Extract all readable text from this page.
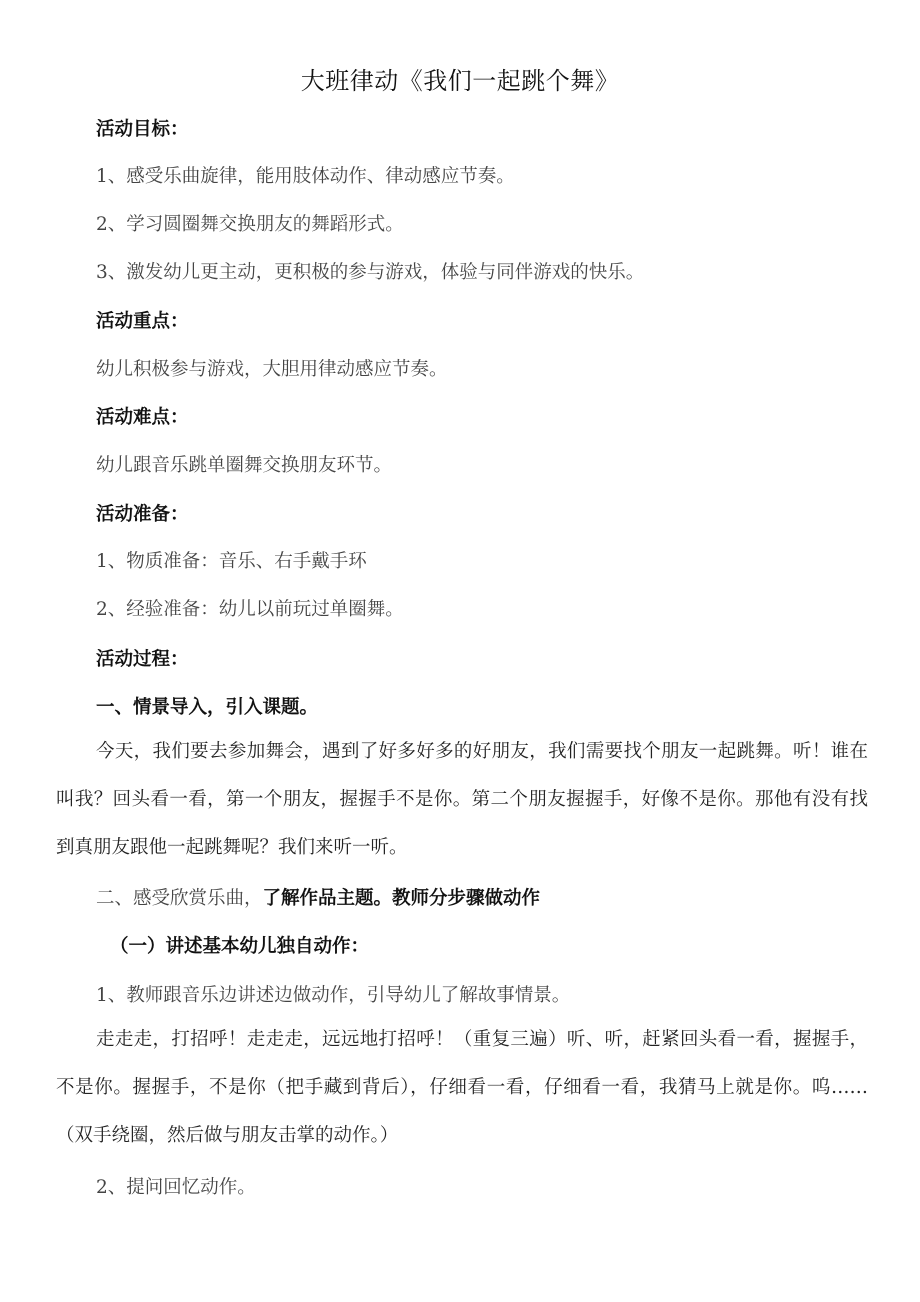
大班律动《我们一起跳个舞》
活动目标：
1、感受乐曲旋律，能用肢体动作、律动感应节奏。
2、学习圆圈舞交换朋友的舞蹈形式。
3、激发幼儿更主动，更积极的参与游戏，体验与同伴游戏的快乐。
活动重点：
幼儿积极参与游戏，大胆用律动感应节奏。
活动难点：
幼儿跟音乐跳单圈舞交换朋友环节。
活动准备：
1、物质准备：音乐、右手戴手环
2、经验准备：幼儿以前玩过单圈舞。
活动过程：
一、情景导入，引入课题。
今天，我们要去参加舞会，遇到了好多好多的好朋友，我们需要找个朋友一起跳舞。听！谁在叫我？回头看一看，第一个朋友，握握手不是你。第二个朋友握握手，好像不是你。那他有没有找到真朋友跟他一起跳舞呢？我们来听一听。
二、感受欣赏乐曲，了解作品主题。教师分步骤做动作
（一）讲述基本幼儿独自动作：
1、教师跟音乐边讲述边做动作，引导幼儿了解故事情景。
走走走，打招呼！走走走，远远地打招呼！（重复三遍）听、听，赶紧回头看一看，握握手，不是你。握握手，不是你（把手藏到背后），仔细看一看，仔细看一看，我猜马上就是你。呜……（双手绕圈，然后做与朋友击掌的动作。）
2、提问回忆动作。
